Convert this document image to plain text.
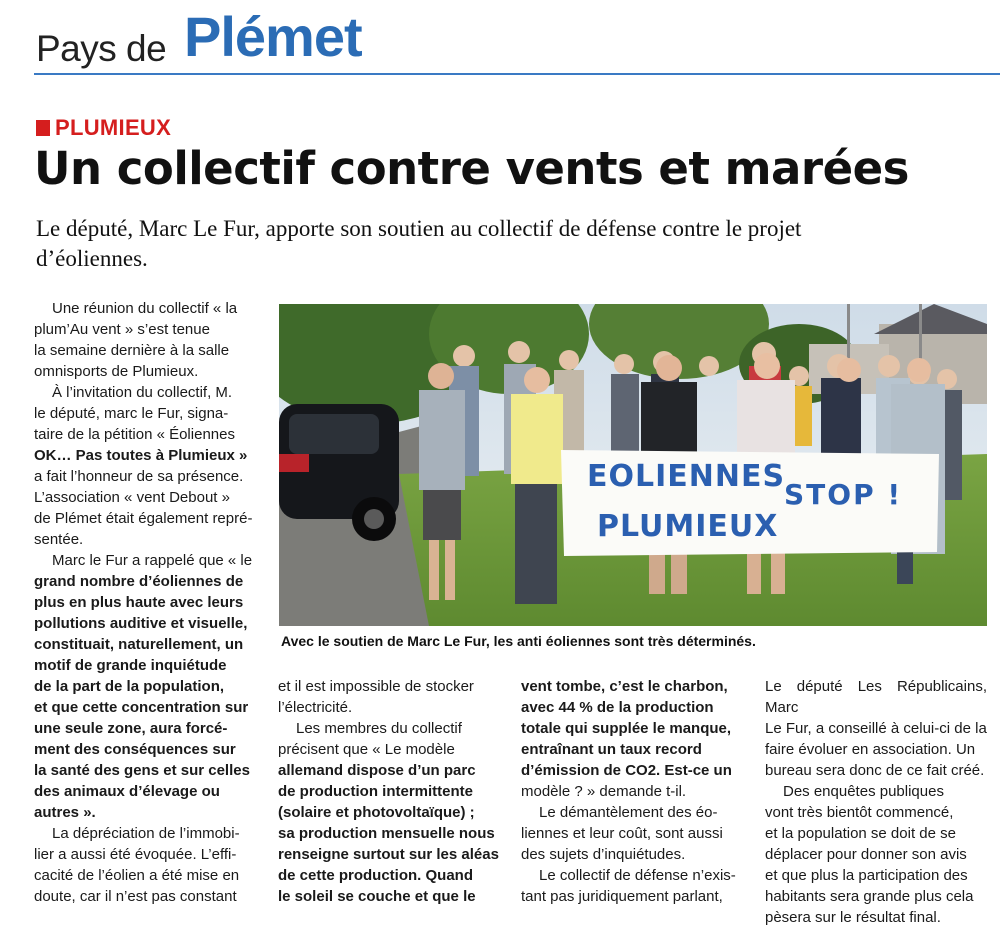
Pays de Plémet
PLUMIEUX
Un collectif contre vents et marées
Le député, Marc Le Fur, apporte son soutien au collectif de défense contre le projet
d’éoliennes.

Une réunion du collectif « la
plum’Au vent » s’est tenue
la semaine dernière à la salle
omnisports de Plumieux.

À l’invitation du collectif, M.
le député, marc le Fur, signa-
taire de la pétition « Éoliennes
OK… Pas toutes à Plumieux »
a fait l’honneur de sa présence.
L’association « vent Debout »
de Plémet était également repré-
sentée.

Marc le Fur a rappelé que « le
grand nombre d’éoliennes de
plus en plus haute avec leurs
pollutions auditive et visuelle,
constituait, naturellement, un
motif de grande inquiétude
de la part de la population,
et que cette concentration sur
une seule zone, aura forcé-
ment des conséquences sur
la santé des gens et sur celles
des animaux d’élevage ou
autres ».

La dépréciation de l’immobi-
lier a aussi été évoquée. L’effi-
cacité de l’éolien a été mise en
doute, car il n’est pas constant

EOLIENNES
STOP !
PLUMIEUX
Avec le soutien de Marc Le Fur, les anti éoliennes sont très déterminés.

et il est impossible de stocker
l’électricité.

Les membres du collectif
précisent que « Le modèle
allemand dispose d’un parc
de production intermittente
(solaire et photovoltaïque) ;
sa production mensuelle nous
renseigne surtout sur les aléas
de cette production. Quand
le soleil se couche et que le

vent tombe, c’est le charbon,
avec 44 % de la production
totale qui supplée le manque,
entraînant un taux record
d’émission de CO2. Est-ce un
modèle ? » demande t-il.

Le démantèlement des éo-
liennes et leur coût, sont aussi
des sujets d’inquiétudes.

Le collectif de défense n’exis-
tant pas juridiquement parlant,

Le député Les Républicains, Marc
Le Fur, a conseillé à celui-ci de la
faire évoluer en association. Un
bureau sera donc de ce fait créé.

Des enquêtes publiques
vont très bientôt commencé,
et la population se doit de se
déplacer pour donner son avis
et que plus la participation des
habitants sera grande plus cela
pèsera sur le résultat final.
